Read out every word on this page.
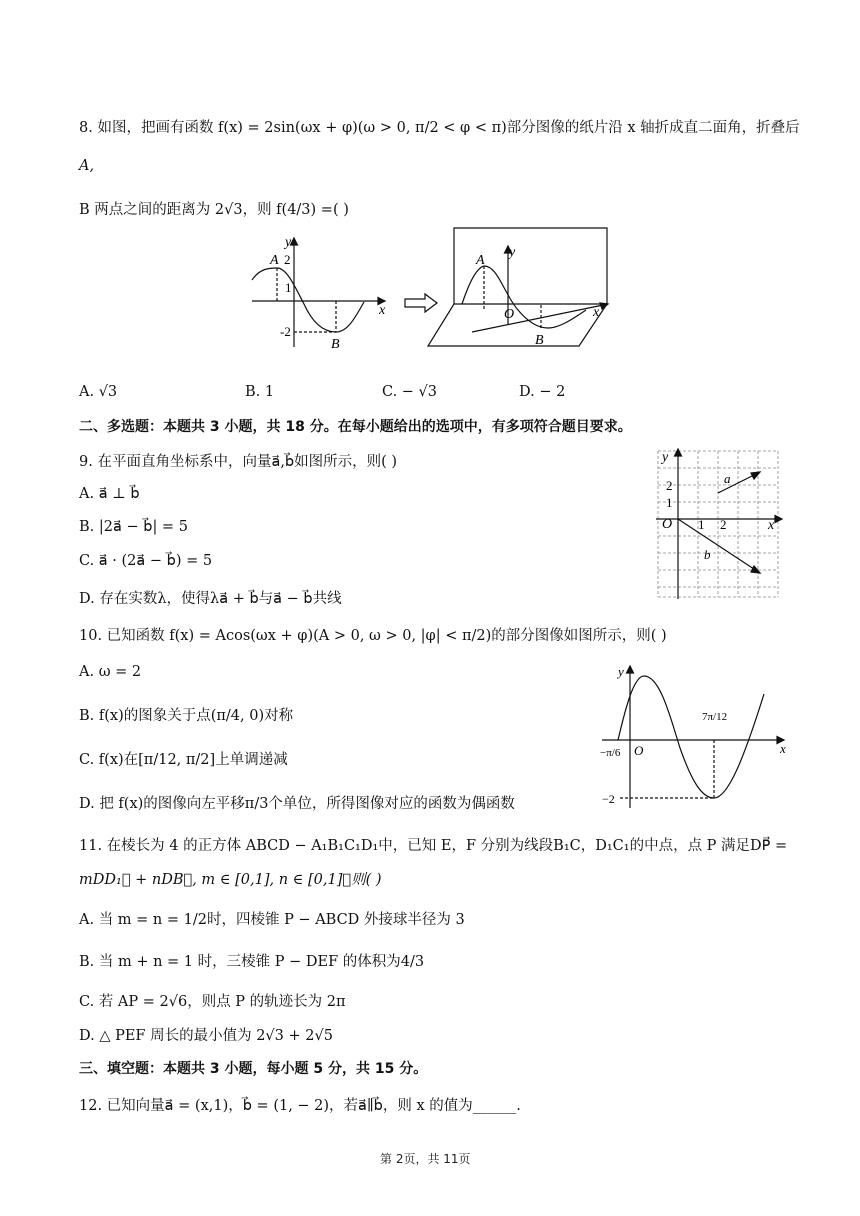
8. 如图，把画有函数 f(x) = 2sin(ωx + φ)(ω > 0, π/2 < φ < π)部分图像的纸片沿 x 轴折成直二面角，折叠后
A,
B 两点之间的距离为 2√3，则 f(4/3) =( )
y
x
A 2
1
-2
B
y
x
A
O
B
A. √3	B. 1	C. − √3	D. − 2
二、多选题：本题共 3 小题，共 18 分。在每小题给出的选项中，有多项符合题目要求。
9. 在平面直角坐标系中，向量a⃗,b⃗如图所示，则( )
A. a⃗ ⊥ b⃗
B. |2a⃗ − b⃗| = 5
C. a⃗ · (2a⃗ − b⃗) = 5
D. 存在实数λ，使得λa⃗ + b⃗与a⃗ − b⃗共线
y
x
O
1
2
1 2
a⃗
b⃗
10. 已知函数 f(x) = Acos(ωx + φ)(A > 0, ω > 0, |φ| < π/2)的部分图像如图所示，则( )
A. ω = 2
B. f(x)的图象关于点(π/4, 0)对称
C. f(x)在[π/12, π/2]上单调递减
D. 把 f(x)的图像向左平移π/3个单位，所得图像对应的函数为偶函数
y
x
O
−π/6
7π/12
−2
11. 在棱长为 4 的正方体 ABCD − A₁B₁C₁D₁中，已知 E，F 分别为线段B₁C，D₁C₁的中点，点 P 满足DP⃗ =
mDD₁⃗ + nDB⃗, m ∈ [0,1], n ∈ [0,1]，则( )
A. 当 m = n = 1/2时，四棱锥 P − ABCD 外接球半径为 3
B. 当 m + n = 1 时，三棱锥 P − DEF 的体积为4/3
C. 若 AP = 2√6，则点 P 的轨迹长为 2π
D. △ PEF 周长的最小值为 2√3 + 2√5
三、填空题：本题共 3 小题，每小题 5 分，共 15 分。
12. 已知向量a⃗ = (x,1)，b⃗ = (1, − 2)，若a⃗∥b⃗，则 x 的值为______.
第 2页，共 11页
